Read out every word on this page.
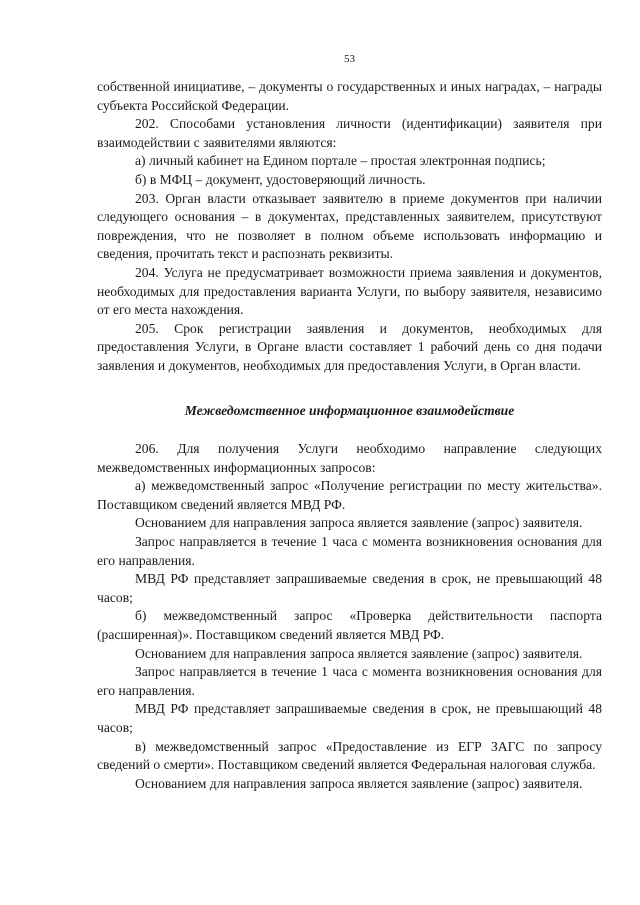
53

собственной инициативе, – документы о государственных и иных наградах, – награды субъекта Российской Федерации.

202. Способами установления личности (идентификации) заявителя при взаимодействии с заявителями являются:

а) личный кабинет на Едином портале – простая электронная подпись;

б) в МФЦ – документ, удостоверяющий личность.

203. Орган власти отказывает заявителю в приеме документов при наличии следующего основания – в документах, представленных заявителем, присутствуют повреждения, что не позволяет в полном объеме использовать информацию и сведения, прочитать текст и распознать реквизиты.

204. Услуга не предусматривает возможности приема заявления и документов, необходимых для предоставления варианта Услуги, по выбору заявителя, независимо от его места нахождения.

205. Срок регистрации заявления и документов, необходимых для предоставления Услуги, в Органе власти составляет 1 рабочий день со дня подачи заявления и документов, необходимых для предоставления Услуги, в Орган власти.

Межведомственное информационное взаимодействие

206. Для получения Услуги необходимо направление следующих межведомственных информационных запросов:

а) межведомственный запрос «Получение регистрации по месту жительства». Поставщиком сведений является МВД РФ.

Основанием для направления запроса является заявление (запрос) заявителя.

Запрос направляется в течение 1 часа с момента возникновения основания для его направления.

МВД РФ представляет запрашиваемые сведения в срок, не превышающий 48 часов;

б) межведомственный запрос «Проверка действительности паспорта (расширенная)». Поставщиком сведений является МВД РФ.

Основанием для направления запроса является заявление (запрос) заявителя.

Запрос направляется в течение 1 часа с момента возникновения основания для его направления.

МВД РФ представляет запрашиваемые сведения в срок, не превышающий 48 часов;

в) межведомственный запрос «Предоставление из ЕГР ЗАГС по запросу сведений о смерти». Поставщиком сведений является Федеральная налоговая служба.

Основанием для направления запроса является заявление (запрос) заявителя.
